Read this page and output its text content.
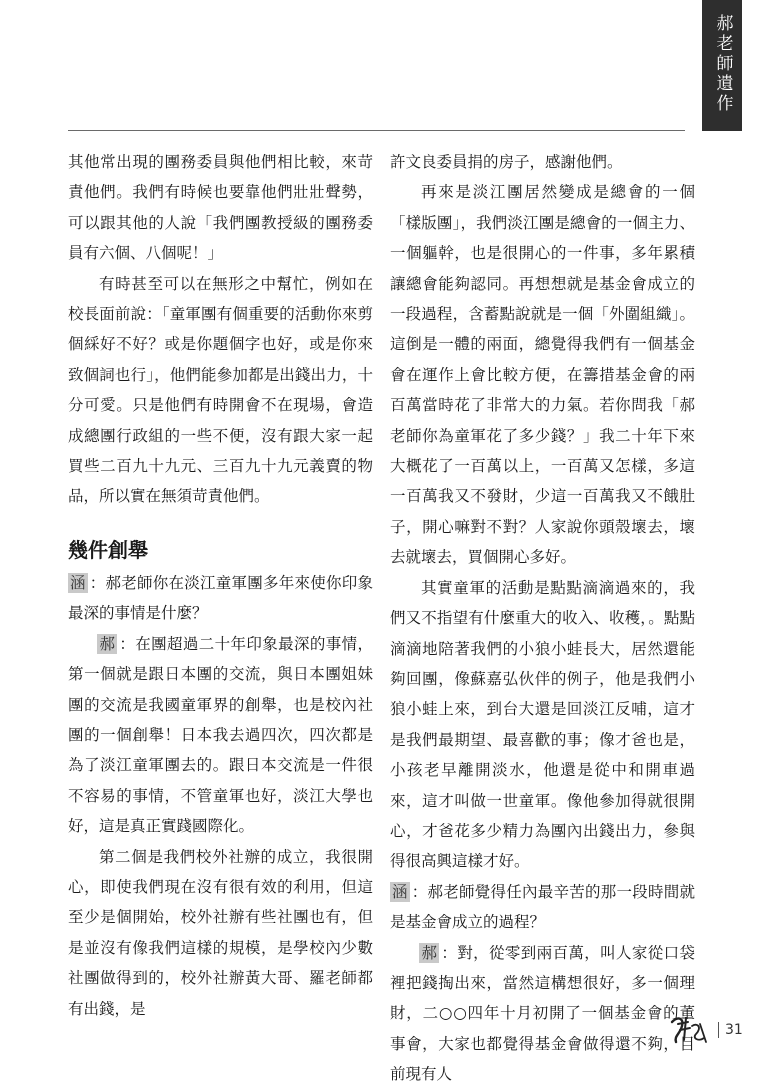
郝老師遺作

其他常出現的團務委員與他們相比較，來苛責他們。我們有時候也要靠他們壯壯聲勢，可以跟其他的人說「我們團教授級的團務委員有六個、八個呢！」

有時甚至可以在無形之中幫忙，例如在校長面前說：「童軍團有個重要的活動你來剪個綵好不好？或是你題個字也好，或是你來致個詞也行」，他們能參加都是出錢出力，十分可愛。只是他們有時開會不在現場，會造成總團行政組的一些不便，沒有跟大家一起買些二百九十九元、三百九十九元義賣的物品，所以實在無須苛責他們。

幾件創舉

涵 ：郝老師你在淡江童軍團多年來使你印象最深的事情是什麼？

郝 ：在團超過二十年印象最深的事情，第一個就是跟日本團的交流，與日本團姐妹團的交流是我國童軍界的創舉，也是校內社團的一個創舉！日本我去過四次，四次都是為了淡江童軍團去的。跟日本交流是一件很不容易的事情，不管童軍也好，淡江大學也好，這是真正實踐國際化。

第二個是我們校外社辦的成立，我很開心，即使我們現在沒有很有效的利用，但這至少是個開始，校外社辦有些社團也有，但是並沒有像我們這樣的規模，是學校內少數社團做得到的，校外社辦黃大哥、羅老師都有出錢，是

許文良委員捐的房子，感謝他們。

再來是淡江團居然變成是總會的一個「樣版團」，我們淡江團是總會的一個主力、一個軀幹，也是很開心的一件事，多年累積讓總會能夠認同。再想想就是基金會成立的一段過程，含蓄點說就是一個「外圍組織」。這倒是一體的兩面，總覺得我們有一個基金會在運作上會比較方便，在籌措基金會的兩百萬當時花了非常大的力氣。若你問我「郝老師你為童軍花了多少錢？」我二十年下來大概花了一百萬以上，一百萬又怎樣，多這一百萬我又不發財，少這一百萬我又不餓肚子，開心嘛對不對？人家說你頭殼壞去，壞去就壞去，買個開心多好。

其實童軍的活動是點點滴滴過來的，我們又不指望有什麼重大的收入、收穫，。點點滴滴地陪著我們的小狼小蛙長大，居然還能夠回團，像蘇嘉弘伙伴的例子，他是我們小狼小蛙上來，到台大還是回淡江反哺，這才是我們最期望、最喜歡的事；像才爸也是，小孩老早離開淡水，他還是從中和開車過來，這才叫做一世童軍。像他參加得就很開心，才爸花多少精力為團內出錢出力，參與得很高興這樣才好。

涵 ：郝老師覺得任內最辛苦的那一段時間就是基金會成立的過程？

郝 ：對，從零到兩百萬，叫人家從口袋裡把錢掏出來，當然這構想很好，多一個理財，二○○四年十月初開了一個基金會的董事會，大家也都覺得基金會做得還不夠，目前現有人

31
